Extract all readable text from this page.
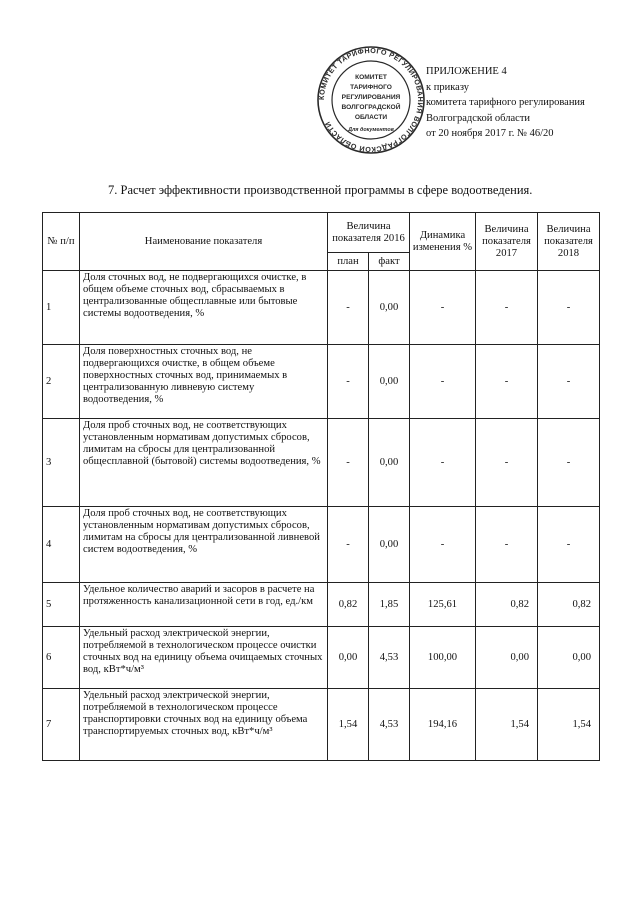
КОМИТЕТ ТАРИФНОГО РЕГУЛИРОВАНИЯ ВОЛГОГРАДСКОЙ ОБЛАСТИ
КОМИТЕТ
ТАРИФНОГО
РЕГУЛИРОВАНИЯ
ВОЛГОГРАДСКОЙ
ОБЛАСТИ
Для документов
ПРИЛОЖЕНИЕ 4
к приказу
комитета тарифного регулирования
Волгоградской области
от 20 ноября 2017 г. № 46/20
7. Расчет эффективности производственной программы в сфере водоотведения.
№ п/п	Наименование показателя	Величина показателя 2016		Динамика изменения %	Величина показателя 2017	Величина показателя 2018
		план	факт			
1	Доля сточных вод, не подвергающихся очистке, в общем объеме сточных вод, сбрасываемых в централизованные общесплавные или бытовые системы водоотведения, %	-	0,00	-	-	-
2	Доля поверхностных сточных вод, не подвергающихся очистке, в общем объеме поверхностных сточных вод, принимаемых в централизованную ливневую систему водоотведения, %	-	0,00	-	-	-
3	Доля проб сточных вод, не соответствующих установленным нормативам допустимых сбросов, лимитам на сбросы для централизованной общесплавной (бытовой) системы водоотведения, %	-	0,00	-	-	-
4	Доля проб сточных вод, не соответствующих установленным нормативам допустимых сбросов, лимитам на сбросы для централизованной ливневой систем водоотведения, %	-	0,00	-	-	-
5	Удельное количество аварий и засоров в расчете на протяженность канализационной сети в год, ед./км	0,82	1,85	125,61	0,82	0,82
6	Удельный расход электрической энергии, потребляемой в технологическом процессе очистки сточных вод на единицу объема очищаемых сточных вод, кВт*ч/м³	0,00	4,53	100,00	0,00	0,00
7	Удельный расход электрической энергии, потребляемой в технологическом процессе транспортировки сточных вод на единицу объема транспортируемых сточных вод, кВт*ч/м³	1,54	4,53	194,16	1,54	1,54
